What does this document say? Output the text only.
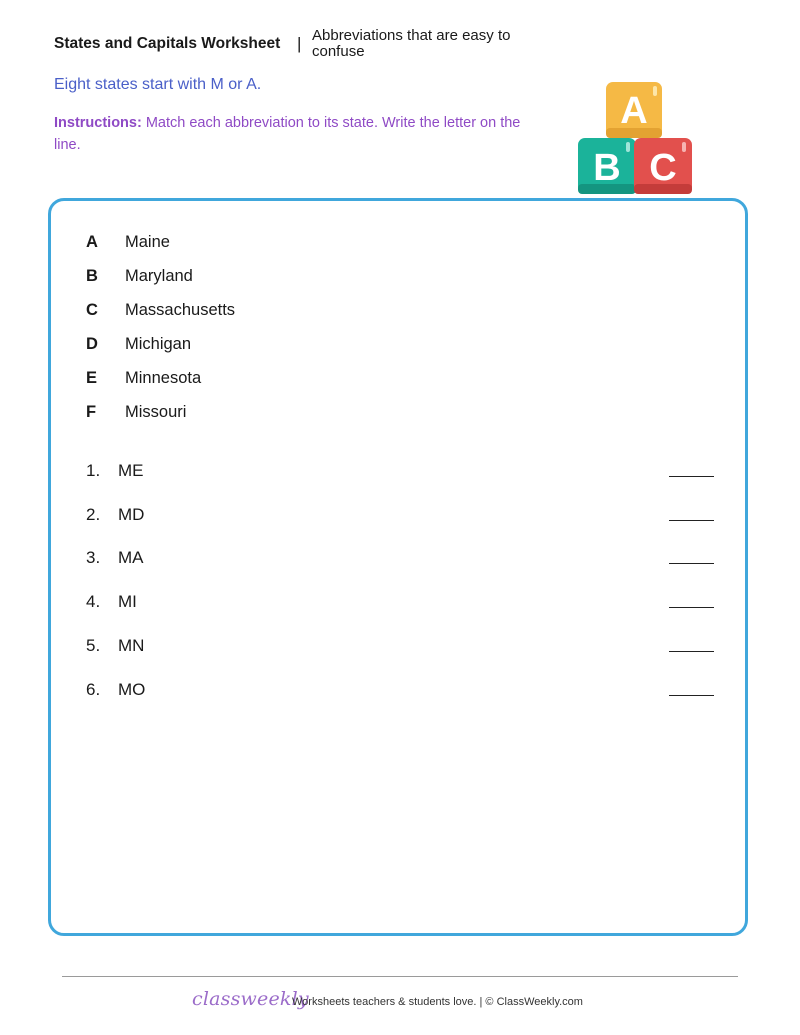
States and Capitals Worksheet | Abbreviations that are easy to confuse
Eight states start with M or A.
Instructions: Match each abbreviation to its state. Write the letter on the line.
A
B C
A Maine
B Maryland
C Massachusetts
D Michigan
E Minnesota
F Missouri
1. ME
2. MD
3. MA
4. MI
5. MN
6. MO
classweekly
Worksheets teachers & students love. | © ClassWeekly.com
